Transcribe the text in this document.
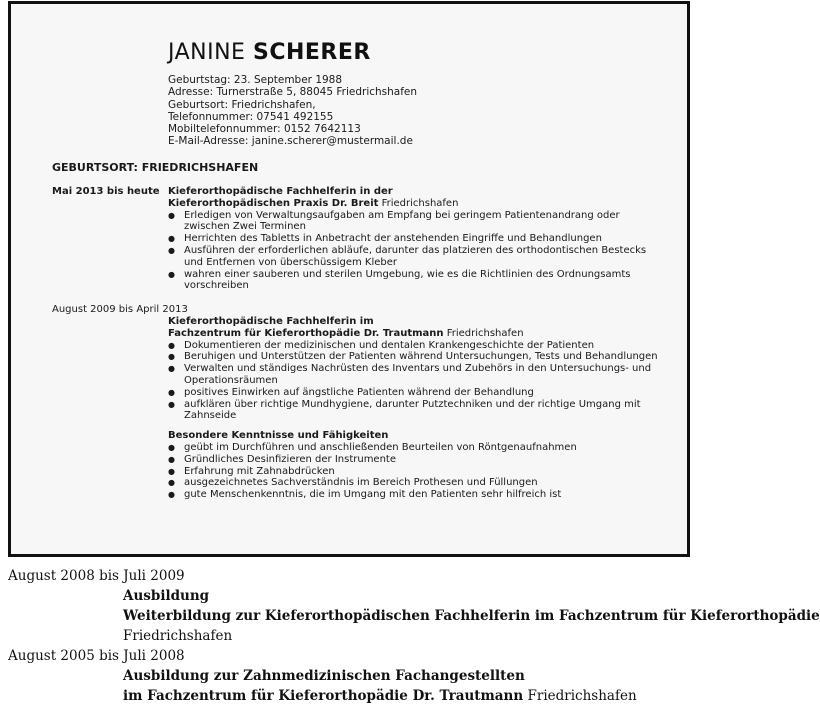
JANINE SCHERER
Geburtstag: 23. September 1988
Adresse: Turnerstraße 5, 88045 Friedrichshafen
Geburtsort: Friedrichshafen,
Telefonnummer: 07541 492155
Mobiltelefonnummer: 0152 7642113
E-Mail-Adresse: janine.scherer@mustermail.de
GEBURTSORT: FRIEDRICHSHAFEN
Mai 2013 bis heute Kieferorthopädische Fachhelferin in der
Kieferorthopädischen Praxis Dr. Breit Friedrichshafen
● Erledigen von Verwaltungsaufgaben am Empfang bei geringem Patientenandrang oder zwischen Zwei Terminen
● Herrichten des Tabletts in Anbetracht der anstehenden Eingriffe und Behandlungen
● Ausführen der erforderlichen abläufe, darunter das platzieren des orthodontischen Bestecks und Entfernen von überschüssigem Kleber
● wahren einer sauberen und sterilen Umgebung, wie es die Richtlinien des Ordnungsamts vorschreiben
August 2009 bis April 2013
Kieferorthopädische Fachhelferin im
Fachzentrum für Kieferorthopädie Dr. Trautmann Friedrichshafen
● Dokumentieren der medizinischen und dentalen Krankengeschichte der Patienten
● Beruhigen und Unterstützen der Patienten während Untersuchungen, Tests und Behandlungen
● Verwalten und ständiges Nachrüsten des Inventars und Zubehörs in den Untersuchungs- und Operationsräumen
● positives Einwirken auf ängstliche Patienten während der Behandlung
● aufklären über richtige Mundhygiene, darunter Putztechniken und der richtige Umgang mit Zahnseide
Besondere Kenntnisse und Fähigkeiten
● geübt im Durchführen und anschließenden Beurteilen von Röntgenaufnahmen
● Gründliches Desinfizieren der Instrumente
● Erfahrung mit Zahnabdrücken
● ausgezeichnetes Sachverständnis im Bereich Prothesen und Füllungen
● gute Menschenkenntnis, die im Umgang mit den Patienten sehr hilfreich ist
August 2008 bis Juli 2009
Ausbildung
Weiterbildung zur Kieferorthopädischen Fachhelferin im Fachzentrum für Kieferorthopädie
Friedrichshafen
August 2005 bis Juli 2008
Ausbildung zur Zahnmedizinischen Fachangestellten
im Fachzentrum für Kieferorthopädie Dr. Trautmann Friedrichshafen
